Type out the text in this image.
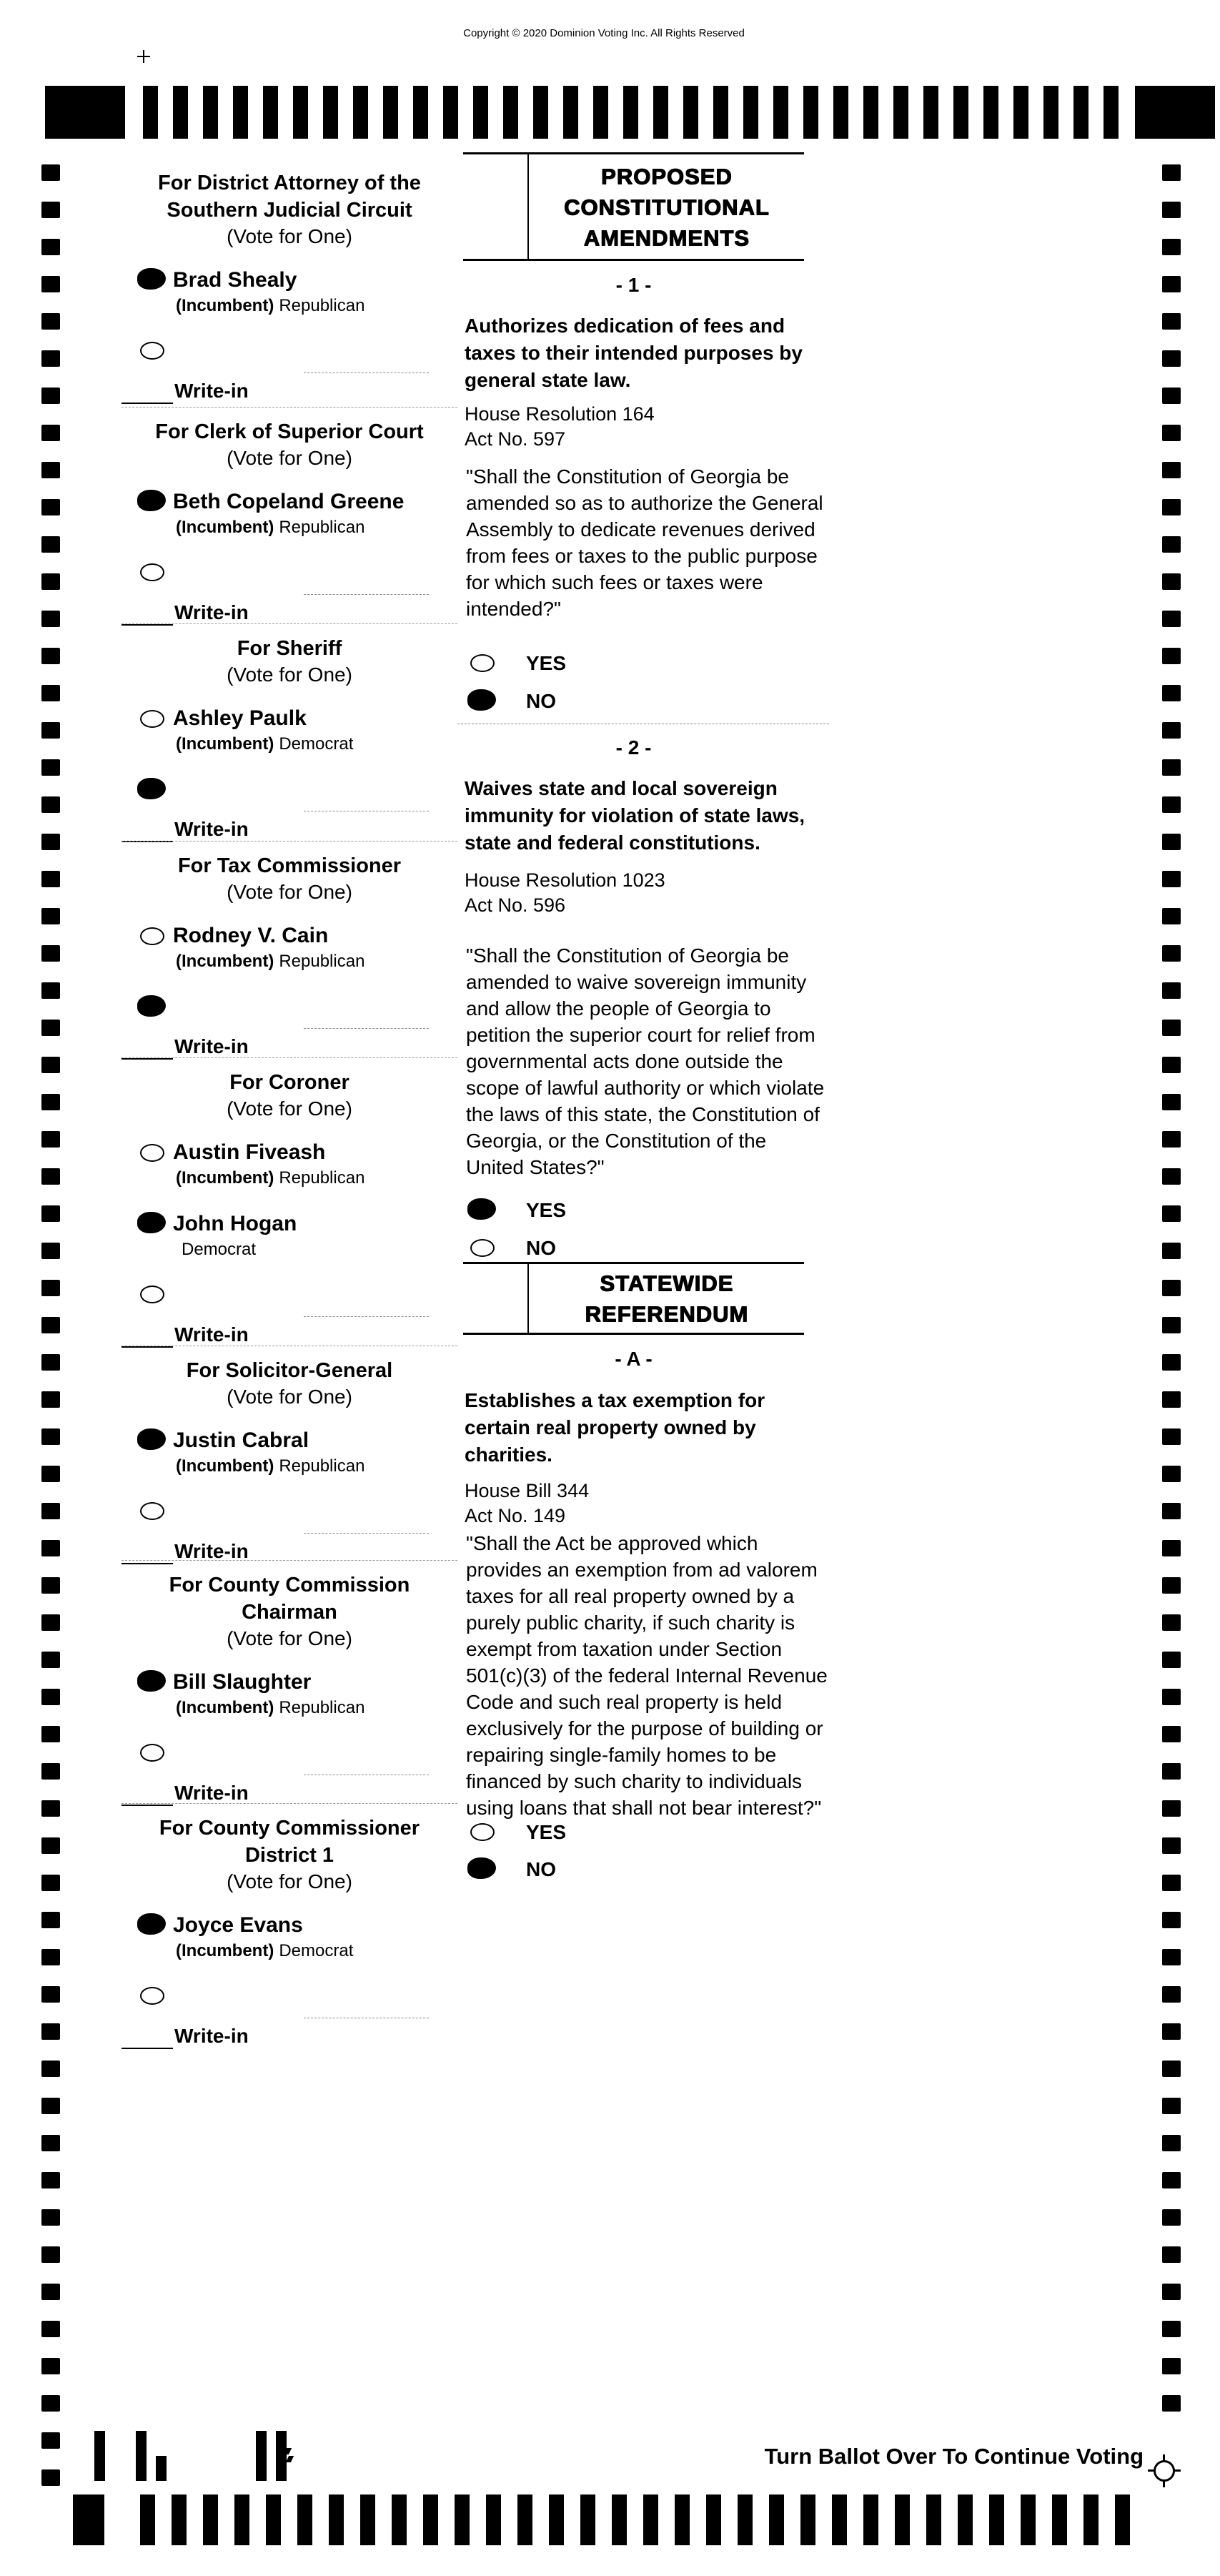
Copyright © 2020 Dominion Voting Inc. All Rights Reserved
For District Attorney of the
Southern Judicial Circuit
(Vote for One)
Brad Shealy
(Incumbent) Republican
Write-in
For Clerk of Superior Court
(Vote for One)
Beth Copeland Greene
(Incumbent) Republican
Write-in
For Sheriff
(Vote for One)
Ashley Paulk
(Incumbent) Democrat
Write-in
For Tax Commissioner
(Vote for One)
Rodney V. Cain
(Incumbent) Republican
Write-in
For Coroner
(Vote for One)
Austin Fiveash
(Incumbent) Republican
John Hogan
Democrat
Write-in
For Solicitor-General
(Vote for One)
Justin Cabral
(Incumbent) Republican
Write-in
For County Commission
Chairman
(Vote for One)
Bill Slaughter
(Incumbent) Republican
Write-in
For County Commissioner
District 1
(Vote for One)
Joyce Evans
(Incumbent) Democrat
Write-in
PROPOSED
CONSTITUTIONAL
AMENDMENTS
STATEWIDE
REFERENDUM
- 1 -
Authorizes dedication of fees and taxes to their intended purposes by general state law.
House Resolution 164
Act No. 597
"Shall the Constitution of Georgia be amended so as to authorize the General Assembly to dedicate revenues derived from fees or taxes to the public purpose for which such fees or taxes were intended?"
YES
NO
- 2 -
Waives state and local sovereign immunity for violation of state laws, state and federal constitutions.
House Resolution 1023
Act No. 596
"Shall the Constitution of Georgia be amended to waive sovereign immunity and allow the people of Georgia to petition the superior court for relief from governmental acts done outside the scope of lawful authority or which violate the laws of this state, the Constitution of Georgia, or the Constitution of the United States?"
YES
NO
- A -
Establishes a tax exemption for certain real property owned by charities.
House Bill 344
Act No. 149
"Shall the Act be approved which provides an exemption from ad valorem taxes for all real property owned by a purely public charity, if such charity is exempt from taxation under Section 501(c)(3) of the federal Internal Revenue Code and such real property is held exclusively for the purpose of building or repairing single-family homes to be financed by such charity to individuals using loans that shall not bear interest?"
YES
NO
Turn Ballot Over To Continue Voting
